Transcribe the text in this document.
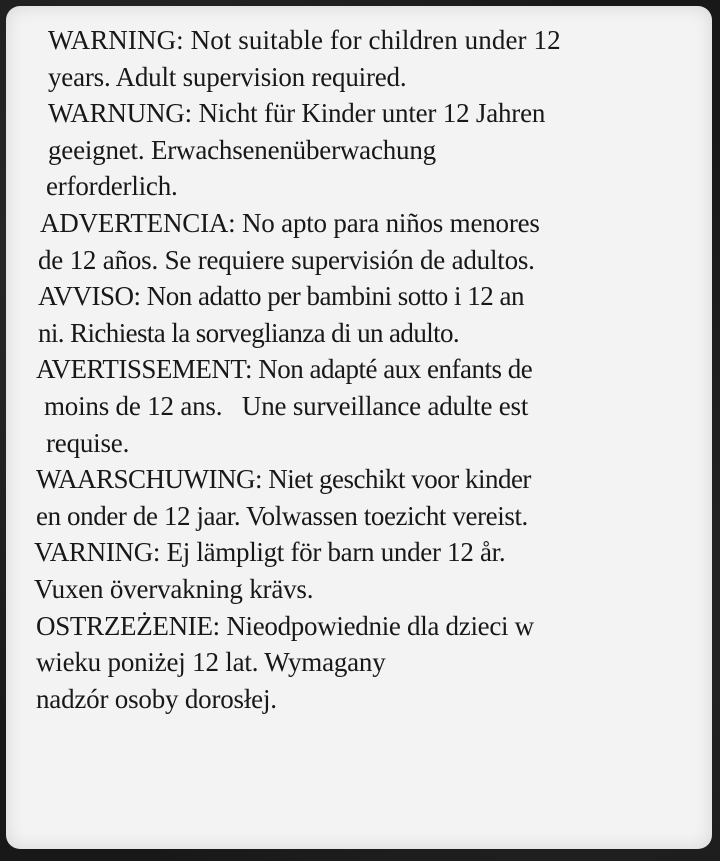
WARNING: Not suitable for children under 12
years. Adult supervision required.
WARNUNG: Nicht für Kinder unter 12 Jahren
geeignet. Erwachsenenüberwachung
erforderlich.
ADVERTENCIA: No apto para niños menores
de 12 años. Se requiere supervisión de adultos.
AVVISO: Non adatto per bambini sotto i 12 an
ni. Richiesta la sorveglianza di un adulto.
AVERTISSEMENT: Non adapté aux enfants de
moins de 12 ans.   Une surveillance adulte est
requise.
WAARSCHUWING: Niet geschikt voor kinder
en onder de 12 jaar. Volwassen toezicht vereist.
VARNING: Ej lämpligt för barn under 12 år.
Vuxen övervakning krävs.
OSTRZEŻENIE: Nieodpowiednie dla dzieci w
wieku poniżej 12 lat. Wymagany
nadzór osoby dorosłej.
